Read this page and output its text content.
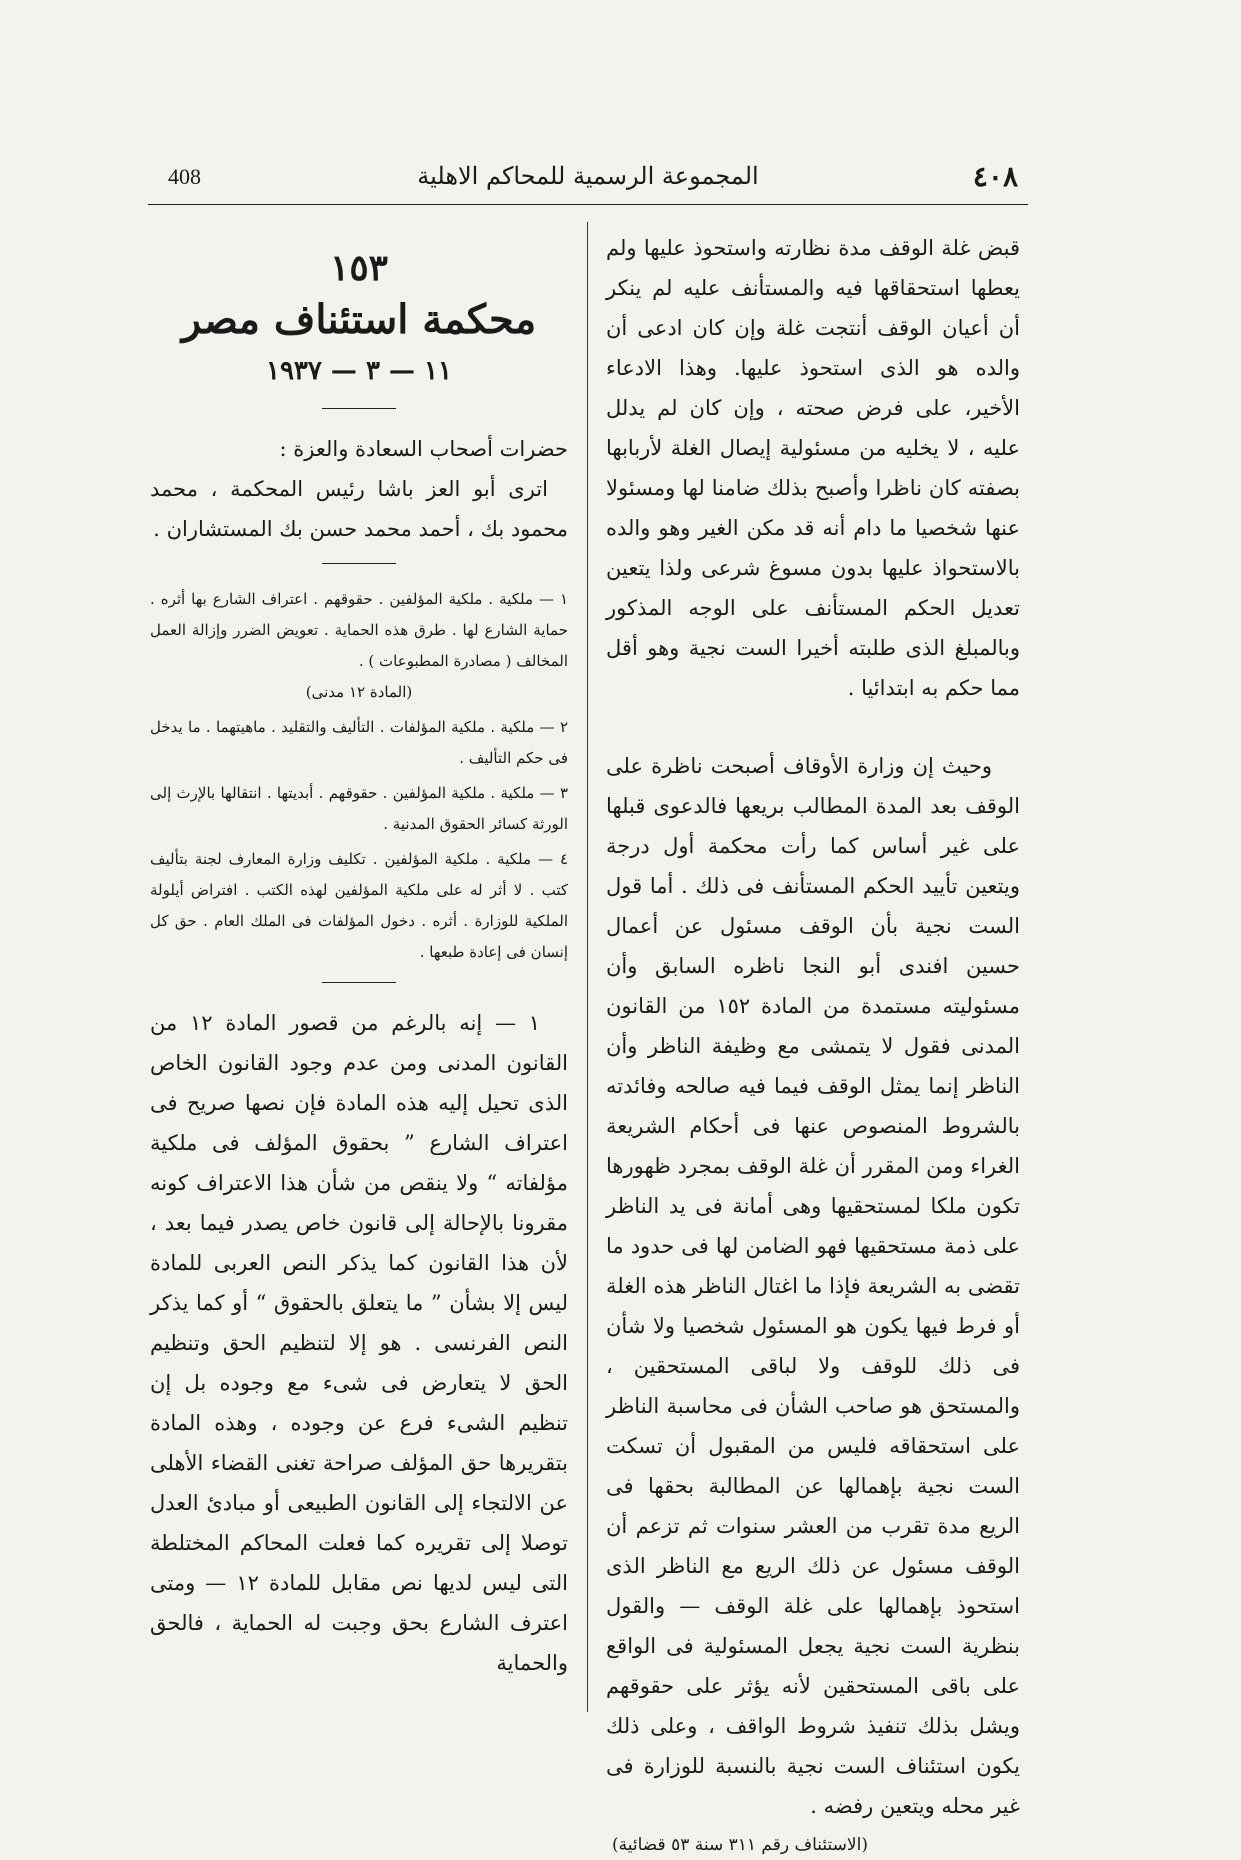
408	المجموعة الرسمية للمحاكم الاهلية	٤٠٨

قبض غلة الوقف مدة نظارته واستحوذ عليها ولم يعطها استحقاقها فيه والمستأنف عليه لم ينكر أن أعيان الوقف أنتجت غلة وإن كان ادعى أن والده هو الذى استحوذ عليها. وهذا الادعاء الأخير، على فرض صحته ، وإن كان لم يدلل عليه ، لا يخليه من مسئولية إيصال الغلة لأربابها بصفته كان ناظرا وأصبح بذلك ضامنا لها ومسئولا عنها شخصيا ما دام أنه قد مكن الغير وهو والده بالاستحواذ عليها بدون مسوغ شرعى ولذا يتعين تعديل الحكم المستأنف على الوجه المذكور وبالمبلغ الذى طلبته أخيرا الست نجية وهو أقل مما حكم به ابتدائيا .

وحيث إن وزارة الأوقاف أصبحت ناظرة على الوقف بعد المدة المطالب بريعها فالدعوى قبلها على غير أساس كما رأت محكمة أول درجة ويتعين تأييد الحكم المستأنف فى ذلك . أما قول الست نجية بأن الوقف مسئول عن أعمال حسين افندى أبو النجا ناظره السابق وأن مسئوليته مستمدة من المادة ١٥٢ من القانون المدنى فقول لا يتمشى مع وظيفة الناظر وأن الناظر إنما يمثل الوقف فيما فيه صالحه وفائدته بالشروط المنصوص عنها فى أحكام الشريعة الغراء ومن المقرر أن غلة الوقف بمجرد ظهورها تكون ملكا لمستحقيها وهى أمانة فى يد الناظر على ذمة مستحقيها فهو الضامن لها فى حدود ما تقضى به الشريعة فإذا ما اغتال الناظر هذه الغلة أو فرط فيها يكون هو المسئول شخصيا ولا شأن فى ذلك للوقف ولا لباقى المستحقين ، والمستحق هو صاحب الشأن فى محاسبة الناظر على استحقاقه فليس من المقبول أن تسكت الست نجية بإهمالها عن المطالبة بحقها فى الريع مدة تقرب من العشر سنوات ثم تزعم أن الوقف مسئول عن ذلك الريع مع الناظر الذى استحوذ بإهمالها على غلة الوقف — والقول بنظرية الست نجية يجعل المسئولية فى الواقع على باقى المستحقين لأنه يؤثر على حقوقهم ويشل بذلك تنفيذ شروط الواقف ، وعلى ذلك يكون استئناف الست نجية بالنسبة للوزارة فى غير محله ويتعين رفضه .

(الاستئناف رقم ٣١١ سنة ٥٣ قضائية)
١٥٣
محكمة استئناف مصر
١١ — ٣ — ١٩٣٧

حضرات أصحاب السعادة والعزة :

اترى أبو العز باشا رئيس المحكمة ، محمد محمود بك ، أحمد محمد حسن بك المستشاران .

١ — ملكية . ملكية المؤلفين . حقوقهم . اعتراف الشارع بها أثره . حماية الشارع لها . طرق هذه الحماية . تعويض الضرر وإزالة العمل المخالف ( مصادرة المطبوعات ) .

(المادة ١٢ مدنى)

٢ — ملكية . ملكية المؤلفات . التأليف والتقليد . ماهيتهما . ما يدخل فى حكم التأليف .

٣ — ملكية . ملكية المؤلفين . حقوقهم . أبديتها . انتقالها بالإرث إلى الورثة كسائر الحقوق المدنية .

٤ — ملكية . ملكية المؤلفين . تكليف وزارة المعارف لجنة بتأليف كتب . لا أثر له على ملكية المؤلفين لهذه الكتب . افتراض أيلولة الملكية للوزارة . أثره . دخول المؤلفات فى الملك العام . حق كل إنسان فى إعادة طبعها .

١ — إنه بالرغم من قصور المادة ١٢ من القانون المدنى ومن عدم وجود القانون الخاص الذى تحيل إليه هذه المادة فإن نصها صريح فى اعتراف الشارع ” بحقوق المؤلف فى ملكية مؤلفاته “ ولا ينقص من شأن هذا الاعتراف كونه مقرونا بالإحالة إلى قانون خاص يصدر فيما بعد ، لأن هذا القانون كما يذكر النص العربى للمادة ليس إلا بشأن ” ما يتعلق بالحقوق “ أو كما يذكر النص الفرنسى . هو إلا لتنظيم الحق وتنظيم الحق لا يتعارض فى شىء مع وجوده بل إن تنظيم الشىء فرع عن وجوده ، وهذه المادة بتقريرها حق المؤلف صراحة تغنى القضاء الأهلى عن الالتجاء إلى القانون الطبيعى أو مبادئ العدل توصلا إلى تقريره كما فعلت المحاكم المختلطة التى ليس لديها نص مقابل للمادة ١٢ — ومتى اعترف الشارع بحق وجبت له الحماية ، فالحق والحماية
